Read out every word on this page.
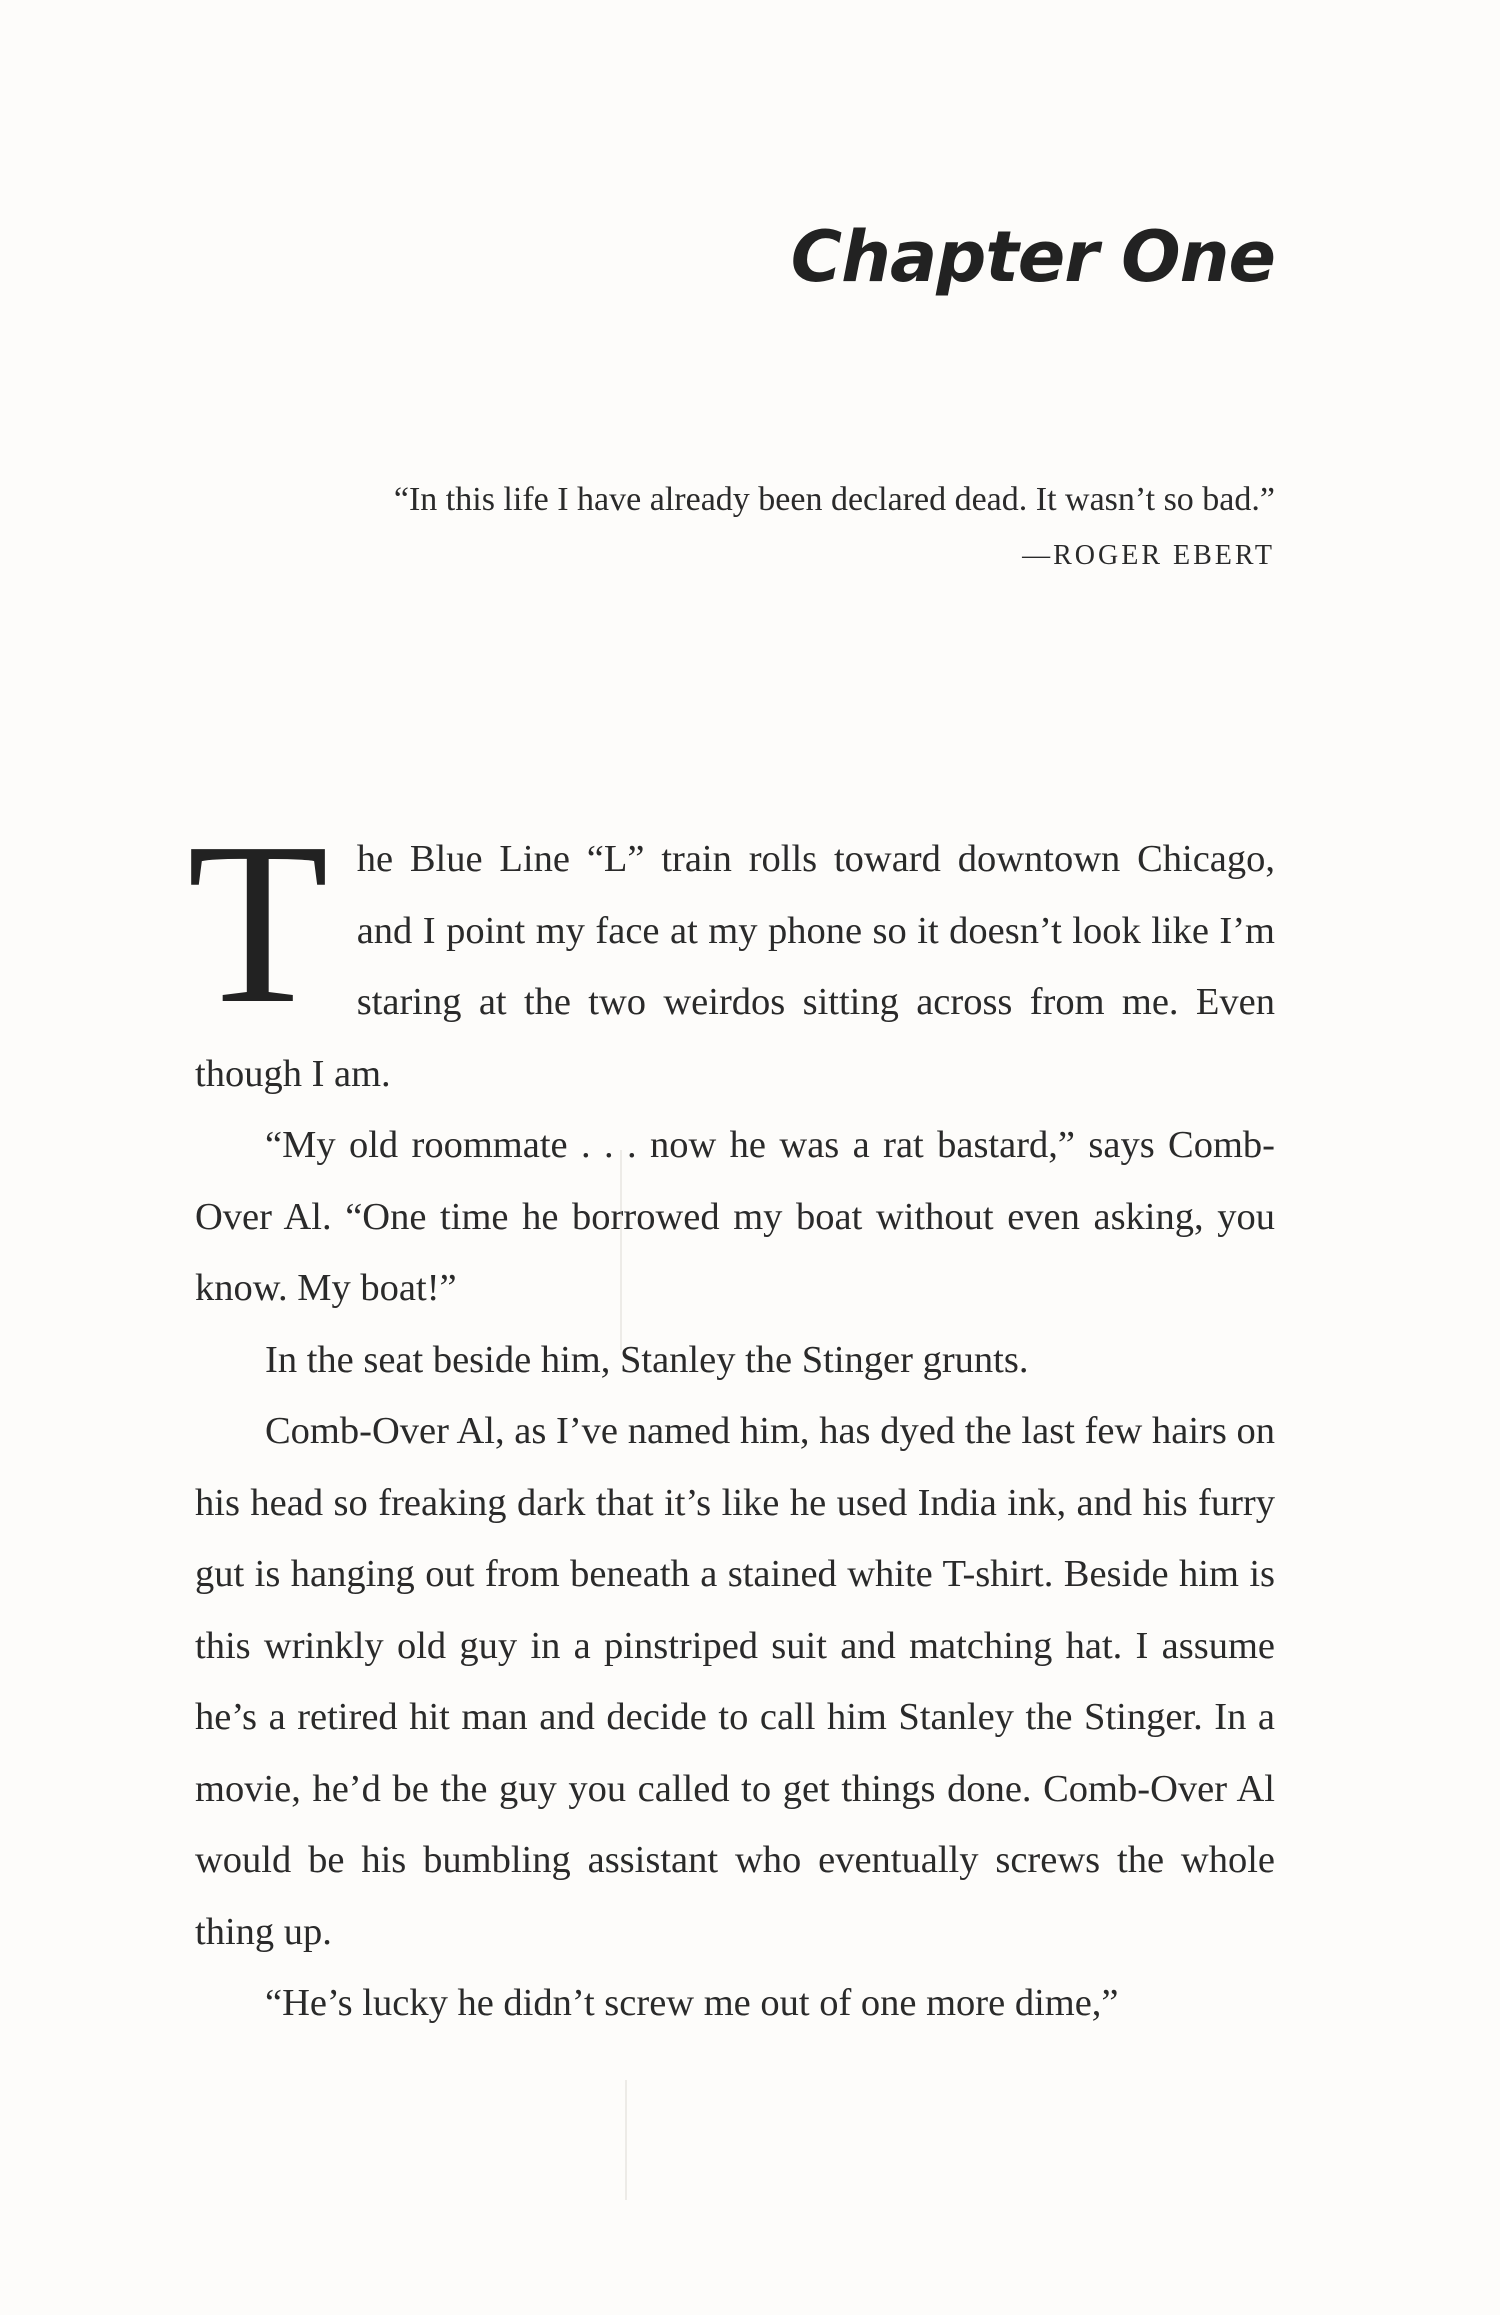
Chapter One

“In this life I have already been declared dead. It wasn’t so bad.”

—ROGER EBERT

The Blue Line “L” train rolls toward downtown Chicago, and I point my face at my phone so it doesn’t look like I’m staring at the two weirdos sitting across from me. Even though I am.

“My old roommate . . . now he was a rat bastard,” says Comb-Over Al. “One time he borrowed my boat without even asking, you know. My boat!”

In the seat beside him, Stanley the Stinger grunts.

Comb-Over Al, as I’ve named him, has dyed the last few hairs on his head so freaking dark that it’s like he used India ink, and his furry gut is hanging out from beneath a stained white T-shirt. Beside him is this wrinkly old guy in a pinstriped suit and matching hat. I assume he’s a retired hit man and decide to call him Stanley the Stinger. In a movie, he’d be the guy you called to get things done. Comb-Over Al would be his bumbling assistant who eventually screws the whole thing up.

“He’s lucky he didn’t screw me out of one more dime,”
